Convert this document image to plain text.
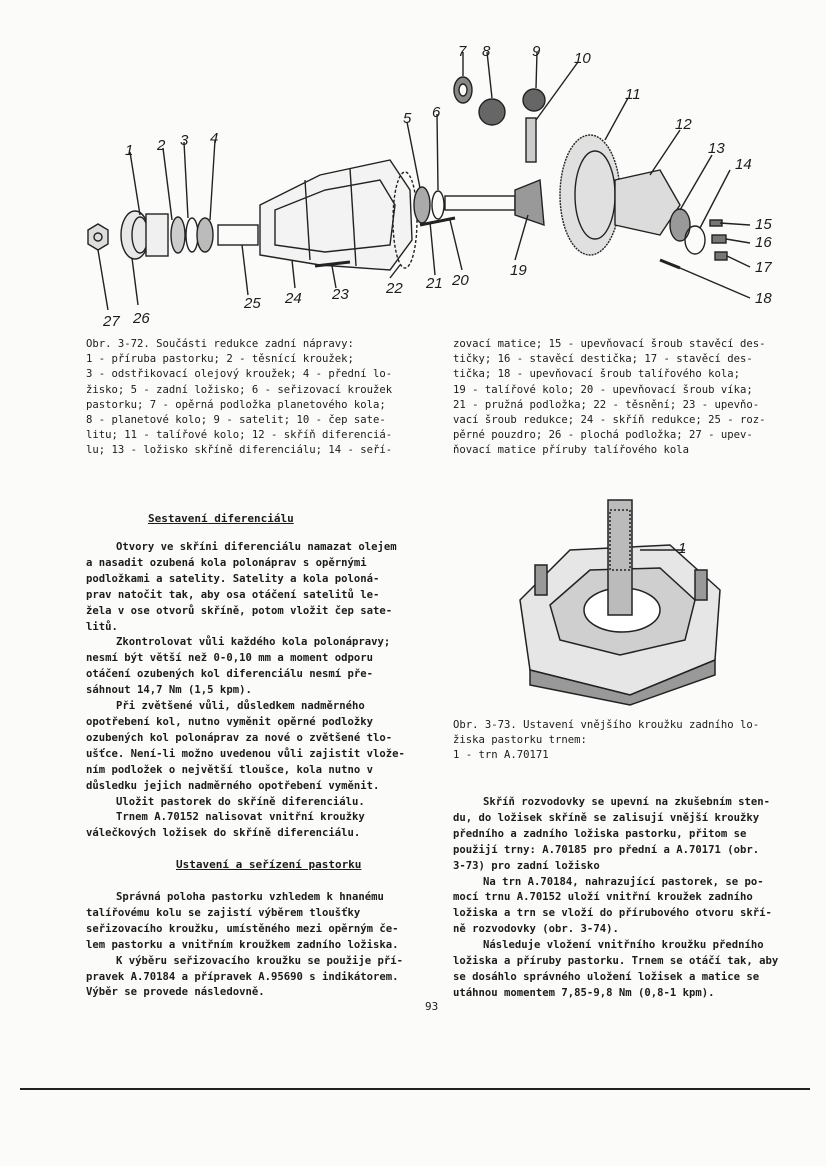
1 2 3 4
5 6
7 8	9 10
11
12
13
14
15
16
17
18
19
20
21
22
23
24
25
26
27
Obr. 3-72. Součásti redukce zadní nápravy:
1 - příruba pastorku; 2 - těsnící kroužek;
3 - odstřikovací olejový kroužek; 4 - přední lo-
žisko; 5 - zadní ložisko; 6 - seřizovací kroužek
pastorku; 7 - opěrná podložka planetového kola;
8 - planetové kolo; 9 - satelit; 10 - čep sate-
litu; 11 - talířové kolo; 12 - skříň diferenciá-
lu; 13 - ložisko skříně diferenciálu; 14 - seří-
zovací matice; 15 - upevňovací šroub stavěcí des-
tičky; 16 - stavěcí destička; 17 - stavěcí des-
tička; 18 - upevňovací šroub talířového kola;
19 - talířové kolo; 20 - upevňovací šroub víka;
21 - pružná podložka; 22 - těsnění; 23 - upevňo-
vací šroub redukce; 24 - skříň redukce; 25 - roz-
pěrné pouzdro; 26 - plochá podložka; 27 - upev-
ňovací matice příruby talířového kola
Sestavení diferenciálu
Otvory ve skříni diferenciálu namazat olejem
a nasadit ozubená kola polonáprav s opěrnými
podložkami a satelity. Satelity a kola poloná-
prav natočit tak, aby osa otáčení satelitů le-
žela v ose otvorů skříně, potom vložit čep sate-
litů.
Zkontrolovat vůli každého kola polonápravy;
nesmí být větší než 0-0,10 mm a moment odporu
otáčení ozubených kol diferenciálu nesmí pře-
sáhnout 14,7 Nm (1,5 kpm).
Při zvětšené vůli, důsledkem nadměrného
opotřebení kol, nutno vyměnit opěrné podložky
ozubených kol polonáprav za nové o zvětšené tlo-
ušťce. Není-li možno uvedenou vůli zajistit vlože-
ním podložek o největší tloušce, kola nutno v
důsledku jejich nadměrného opotřebení vyměnit.
Uložit pastorek do skříně diferenciálu.
Trnem A.70152 nalisovat vnitřní kroužky
válečkových ložisek do skříně diferenciálu.
Ustavení a seřízení pastorku
Správná poloha pastorku vzhledem k hnanému
talířovému kolu se zajistí výběrem tloušťky
seřizovacího kroužku, umístěného mezi opěrným če-
lem pastorku a vnitřním kroužkem zadního ložiska.
K výběru seřizovacího kroužku se použije pří-
pravek A.70184 a přípravek A.95690 s indikátorem.
Výběr se provede následovně.
1
Obr. 3-73. Ustavení vnějšího kroužku zadního lo-
žiska pastorku trnem:
1 - trn A.70171
Skříň rozvodovky se upevní na zkušebním sten-
du, do ložisek skříně se zalisují vnější kroužky
předního a zadního ložiska pastorku, přitom se
použijí trny: A.70185 pro přední a A.70171 (obr.
3-73) pro zadní ložisko
Na trn A.70184, nahrazující pastorek, se po-
mocí trnu A.70152 uloží vnitřní kroužek zadního
ložiska a trn se vloží do přírubového otvoru skří-
ně rozvodovky (obr. 3-74).
Následuje vložení vnitřního kroužku předního
ložiska a příruby pastorku. Trnem se otáčí tak, aby
se dosáhlo správného uložení ložisek a matice se
utáhnou momentem 7,85-9,8 Nm (0,8-1 kpm).
93
